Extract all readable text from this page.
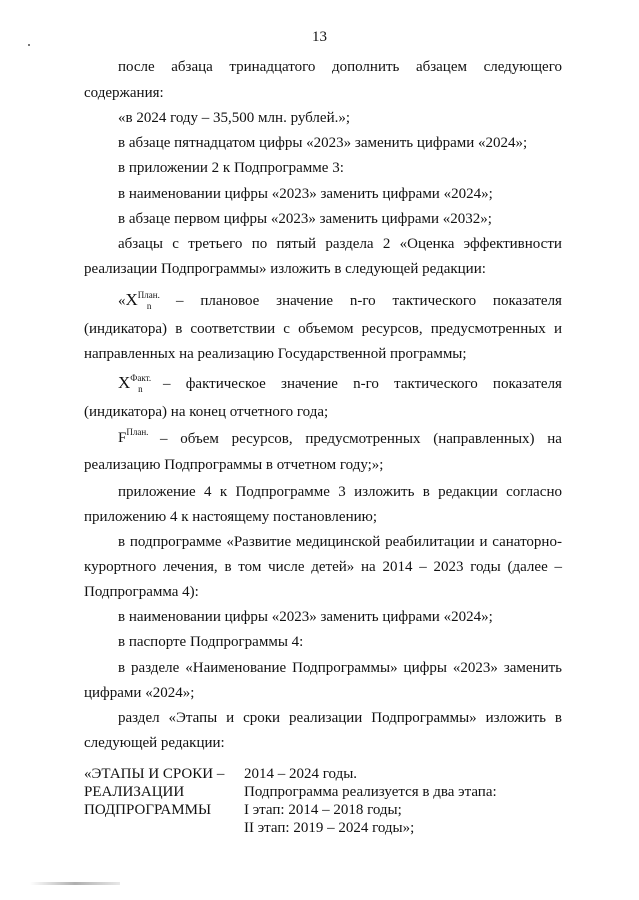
13
после абзаца тринадцатого дополнить абзацем следующего
содержания:
«в 2024 году – 35,500 млн. рублей.»;
в абзаце пятнадцатом цифры «2023» заменить цифрами «2024»;
в приложении 2 к Подпрограмме 3:
в наименовании цифры «2023» заменить цифрами «2024»;
в абзаце первом цифры «2023» заменить цифрами «2032»;
абзацы с третьего по пятый раздела 2 «Оценка эффективности
реализации Подпрограммы» изложить в следующей редакции:
«$X^{План.}_n$	– плановое значение n-го тактического показателя
(индикатора) в соответствии с объемом ресурсов, предусмотренных и
направленных на реализацию Государственной программы;
$X^{Факт.}_n$	– фактическое значение n-го тактического показателя
(индикатора) на конец отчетного года;
$F^{План.}$ – объем ресурсов, предусмотренных (направленных) на
реализацию Подпрограммы в отчетном году;»;
приложение 4 к Подпрограмме 3 изложить в редакции согласно
приложению 4 к настоящему постановлению;
в подпрограмме «Развитие медицинской реабилитации и санаторно-
курортного лечения, в том числе детей» на 2014 – 2023 годы (далее –
Подпрограмма 4):
в наименовании цифры «2023» заменить цифрами «2024»;
в паспорте Подпрограммы 4:
в разделе «Наименование Подпрограммы» цифры «2023» заменить
цифрами «2024»;
раздел «Этапы и сроки реализации Подпрограммы» изложить в
следующей редакции:
«ЭТАПЫ И СРОКИ –
РЕАЛИЗАЦИИ
ПОДПРОГРАММЫ
2014 – 2024 годы.
Подпрограмма реализуется в два этапа:
I этап: 2014 – 2018 годы;
II этап: 2019 – 2024 годы»;
